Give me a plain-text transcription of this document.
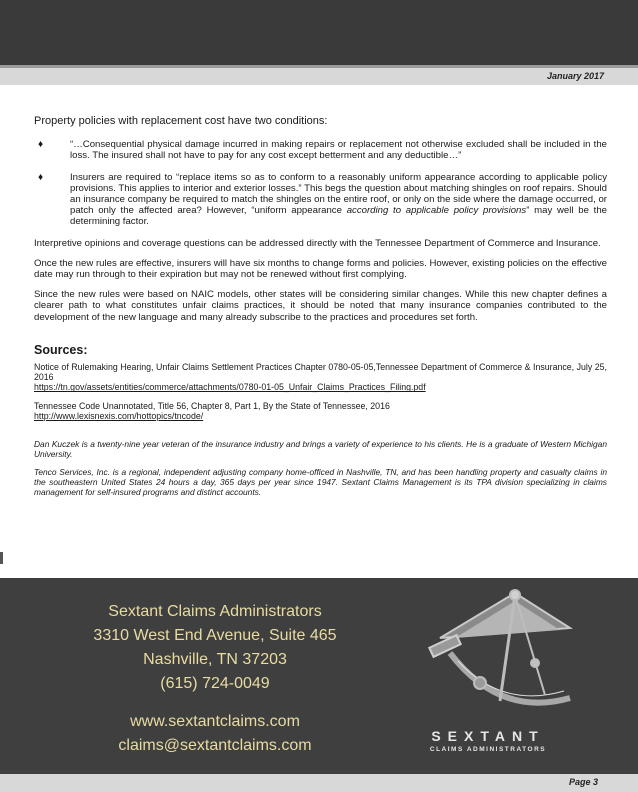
January 2017

Property policies with replacement cost have two conditions:

♦	“…Consequential physical damage incurred in making repairs or replacement not otherwise excluded shall be included in the loss. The insured shall not have to pay for any cost except betterment and any deductible…”
♦	Insurers are required to “replace items so as to conform to a reasonably uniform appearance according to applicable policy provisions. This applies to interior and exterior losses.” This begs the question about matching shingles on roof repairs. Should an insurance company be required to match the shingles on the entire roof, or only on the side where the damage occurred, or patch only the affected area? However, “uniform appearance according to applicable policy provisions” may well be the determining factor.

Interpretive opinions and coverage questions can be addressed directly with the Tennessee Department of Commerce and Insurance.

Once the new rules are effective, insurers will have six months to change forms and policies. However, existing policies on the effective date may run through to their expiration but may not be renewed without first complying.

Since the new rules were based on NAIC models, other states will be considering similar changes. While this new chapter defines a clearer path to what constitutes unfair claims practices, it should be noted that many insurance companies contributed to the development of the new language and many already subscribe to the practices and procedures set forth.

Sources:

Notice of Rulemaking Hearing, Unfair Claims Settlement Practices Chapter 0780-05-05,Tennessee Department of Commerce & Insurance, July 25, 2016
https://tn.gov/assets/entities/commerce/attachments/0780-01-05_Unfair_Claims_Practices_Filing.pdf

Tennessee Code Unannotated, Title 56, Chapter 8, Part 1, By the State of Tennessee, 2016
http://www.lexisnexis.com/hottopics/tncode/

Dan Kuczek is a twenty-nine year veteran of the insurance industry and brings a variety of experience to his clients. He is a graduate of Western Michigan University.

Tenco Services, Inc. is a regional, independent adjusting company home-officed in Nashville, TN, and has been handling property and casualty claims in the southeastern United States 24 hours a day, 365 days per year since 1947. Sextant Claims Management is its TPA division specializing in claims management for self-insured programs and distinct accounts.

Sextant Claims Administrators
3310 West End Avenue, Suite 465
Nashville, TN 37203
(615) 724-0049
www.sextantclaims.com
claims@sextantclaims.com
SEXTANT
CLAIMS ADMINISTRATORS
Page 3
